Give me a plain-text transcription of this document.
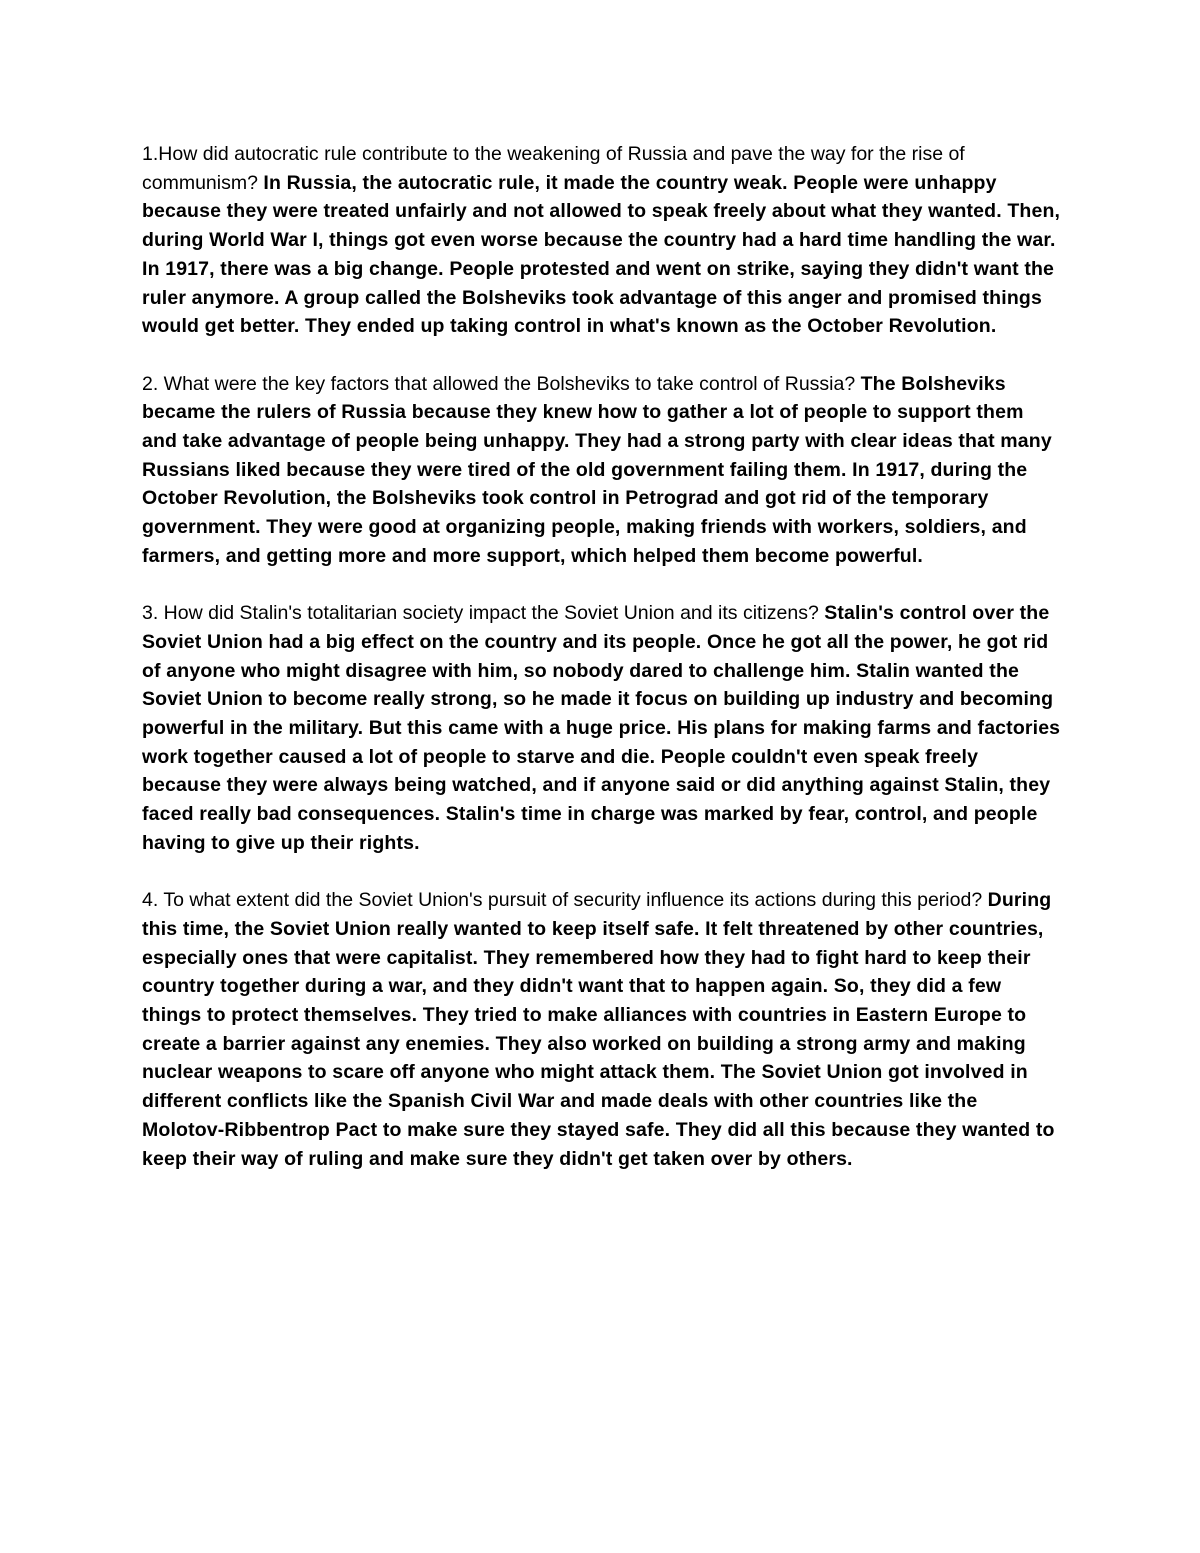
1.How did autocratic rule contribute to the weakening of Russia and pave the way for the rise of communism? In Russia, the autocratic rule, it made the country weak. People were unhappy because they were treated unfairly and not allowed to speak freely about what they wanted. Then, during World War I, things got even worse because the country had a hard time handling the war. In 1917, there was a big change. People protested and went on strike, saying they didn't want the ruler anymore. A group called the Bolsheviks took advantage of this anger and promised things would get better. They ended up taking control in what's known as the October Revolution.

2. What were the key factors that allowed the Bolsheviks to take control of Russia? The Bolsheviks became the rulers of Russia because they knew how to gather a lot of people to support them and take advantage of people being unhappy. They had a strong party with clear ideas that many Russians liked because they were tired of the old government failing them. In 1917, during the October Revolution, the Bolsheviks took control in Petrograd and got rid of the temporary government. They were good at organizing people, making friends with workers, soldiers, and farmers, and getting more and more support, which helped them become powerful.

3. How did Stalin's totalitarian society impact the Soviet Union and its citizens? Stalin's control over the Soviet Union had a big effect on the country and its people. Once he got all the power, he got rid of anyone who might disagree with him, so nobody dared to challenge him. Stalin wanted the Soviet Union to become really strong, so he made it focus on building up industry and becoming powerful in the military. But this came with a huge price. His plans for making farms and factories work together caused a lot of people to starve and die. People couldn't even speak freely because they were always being watched, and if anyone said or did anything against Stalin, they faced really bad consequences. Stalin's time in charge was marked by fear, control, and people having to give up their rights.

4. To what extent did the Soviet Union's pursuit of security influence its actions during this period? During this time, the Soviet Union really wanted to keep itself safe. It felt threatened by other countries, especially ones that were capitalist. They remembered how they had to fight hard to keep their country together during a war, and they didn't want that to happen again. So, they did a few things to protect themselves. They tried to make alliances with countries in Eastern Europe to create a barrier against any enemies. They also worked on building a strong army and making nuclear weapons to scare off anyone who might attack them. The Soviet Union got involved in different conflicts like the Spanish Civil War and made deals with other countries like the Molotov-Ribbentrop Pact to make sure they stayed safe. They did all this because they wanted to keep their way of ruling and make sure they didn't get taken over by others.
